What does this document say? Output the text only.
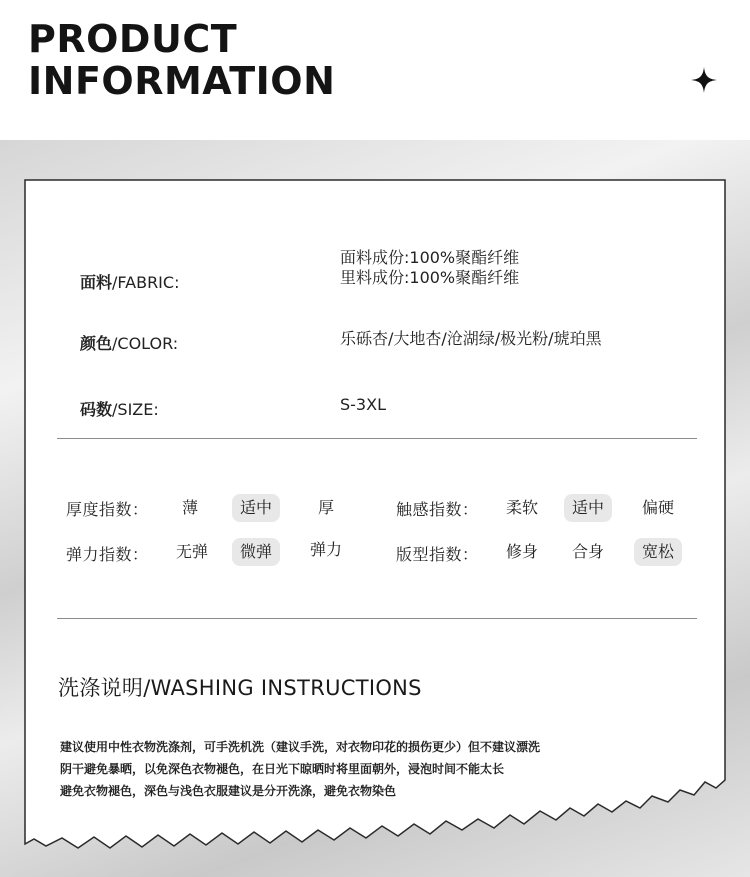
PRODUCT
INFORMATION
面料/FABRIC:
面料成份:100%聚酯纤维
里料成份:100%聚酯纤维
颜色/COLOR:	乐砾杏/大地杏/沧湖绿/极光粉/琥珀黑
码数/SIZE:	S-3XL
厚度指数：	薄	适中	厚	触感指数：	柔软	适中	偏硬
弹力指数：	无弹	微弹	弹力	版型指数：	修身	合身	宽松
洗涤说明/WASHING INSTRUCTIONS
建议使用中性衣物洗涤剂，可手洗机洗（建议手洗，对衣物印花的损伤更少）但不建议漂洗
阴干避免暴晒，以免深色衣物褪色，在日光下晾晒时将里面朝外，浸泡时间不能太长
避免衣物褪色，深色与浅色衣服建议是分开洗涤，避免衣物染色
